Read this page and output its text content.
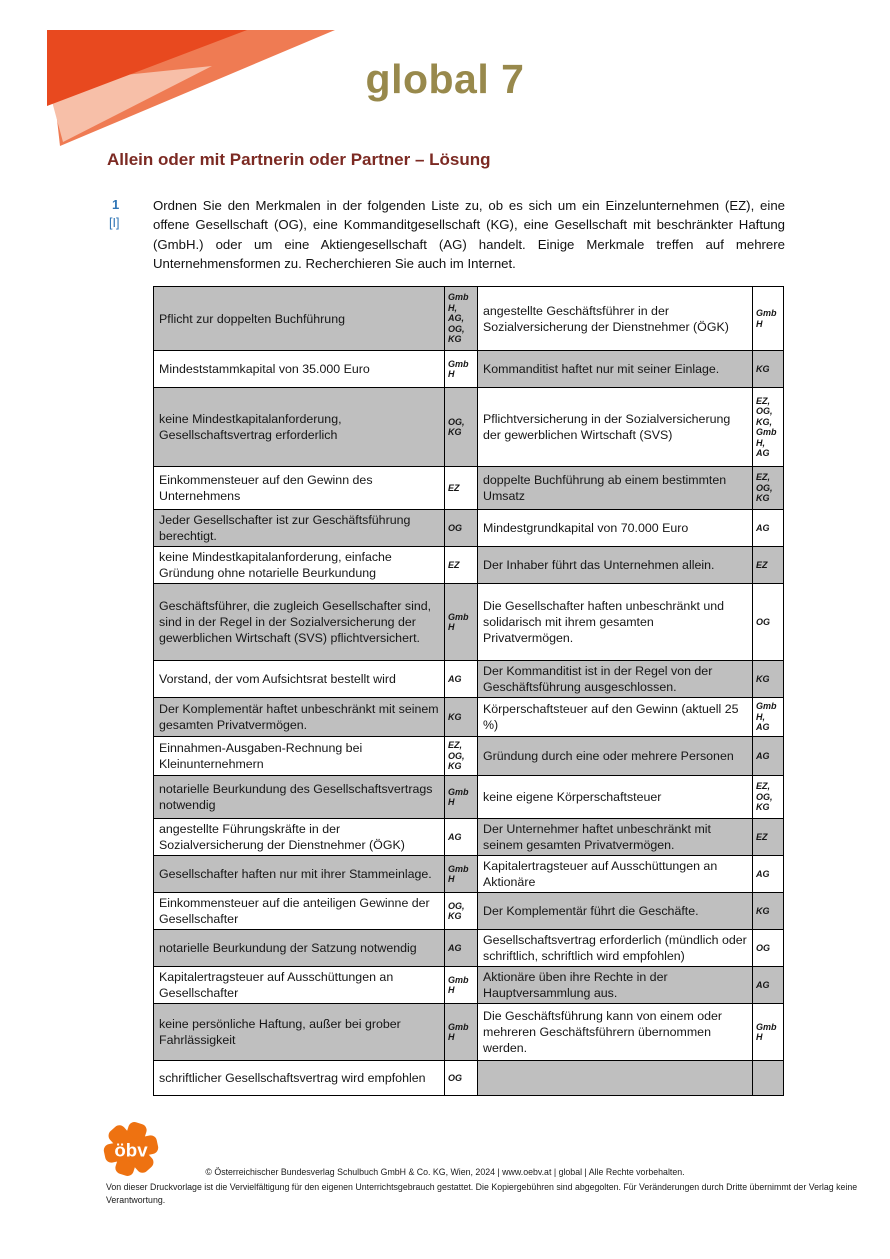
global 7
Allein oder mit Partnerin oder Partner – Lösung
1
[I]
Ordnen Sie den Merkmalen in der folgenden Liste zu, ob es sich um ein Einzelunternehmen (EZ), eine offene Gesellschaft (OG), eine Kommanditgesellschaft (KG), eine Gesellschaft mit beschränkter Haftung (GmbH.) oder um eine Aktiengesellschaft (AG) handelt. Einige Merkmale treffen auf mehrere Unternehmensformen zu. Recherchieren Sie auch im Internet.
Pflicht zur doppelten Buchführung	GmbH, AG, OG, KG	angestellte Geschäftsführer in der Sozialversicherung der Dienstnehmer (ÖGK)	GmbH
Mindeststammkapital von 35.000 Euro	GmbH	Kommanditist haftet nur mit seiner Einlage.	KG
keine Mindestkapitalanforderung, Gesellschaftsvertrag erforderlich	OG, KG	Pflichtversicherung in der Sozialversicherung der gewerblichen Wirtschaft (SVS)	EZ, OG, KG, GmbH, AG
Einkommensteuer auf den Gewinn des Unternehmens	EZ	doppelte Buchführung ab einem bestimmten Umsatz	EZ, OG, KG
Jeder Gesellschafter ist zur Geschäftsführung berechtigt.	OG	Mindestgrundkapital von 70.000 Euro	AG
keine Mindestkapitalanforderung, einfache Gründung ohne notarielle Beurkundung	EZ	Der Inhaber führt das Unternehmen allein.	EZ
Geschäftsführer, die zugleich Gesellschafter sind, sind in der Regel in der Sozialversicherung der gewerblichen Wirtschaft (SVS) pflichtversichert.	GmbH	Die Gesellschafter haften unbeschränkt und solidarisch mit ihrem gesamten Privatvermögen.	OG
Vorstand, der vom Aufsichtsrat bestellt wird	AG	Der Kommanditist ist in der Regel von der Geschäftsführung ausgeschlossen.	KG
Der Komplementär haftet unbeschränkt mit seinem gesamten Privatvermögen.	KG	Körperschaftsteuer auf den Gewinn (aktuell 25 %)	GmbH, AG
Einnahmen-Ausgaben-Rechnung bei Kleinunternehmern	EZ, OG, KG	Gründung durch eine oder mehrere Personen	AG
notarielle Beurkundung des Gesellschaftsvertrags notwendig	GmbH	keine eigene Körperschaftsteuer	EZ, OG, KG
angestellte Führungskräfte in der Sozialversicherung der Dienstnehmer (ÖGK)	AG	Der Unternehmer haftet unbeschränkt mit seinem gesamten Privatvermögen.	EZ
Gesellschafter haften nur mit ihrer Stammeinlage.	GmbH	Kapitalertragsteuer auf Ausschüttungen an Aktionäre	AG
Einkommensteuer auf die anteiligen Gewinne der Gesellschafter	OG, KG	Der Komplementär führt die Geschäfte.	KG
notarielle Beurkundung der Satzung notwendig	AG	Gesellschaftsvertrag erforderlich (mündlich oder schriftlich, schriftlich wird empfohlen)	OG
Kapitalertragsteuer auf Ausschüttungen an Gesellschafter	GmbH	Aktionäre üben ihre Rechte in der Hauptversammlung aus.	AG
keine persönliche Haftung, außer bei grober Fahrlässigkeit	GmbH	Die Geschäftsführung kann von einem oder mehreren Geschäftsführern übernommen werden.	GmbH
schriftlicher Gesellschaftsvertrag wird empfohlen	OG		
öbv
© Österreichischer Bundesverlag Schulbuch GmbH & Co. KG, Wien, 2024 | www.oebv.at | global | Alle Rechte vorbehalten.
Von dieser Druckvorlage ist die Vervielfältigung für den eigenen Unterrichtsgebrauch gestattet. Die Kopiergebühren sind abgegolten. Für Veränderungen durch Dritte übernimmt der Verlag keine Verantwortung.
